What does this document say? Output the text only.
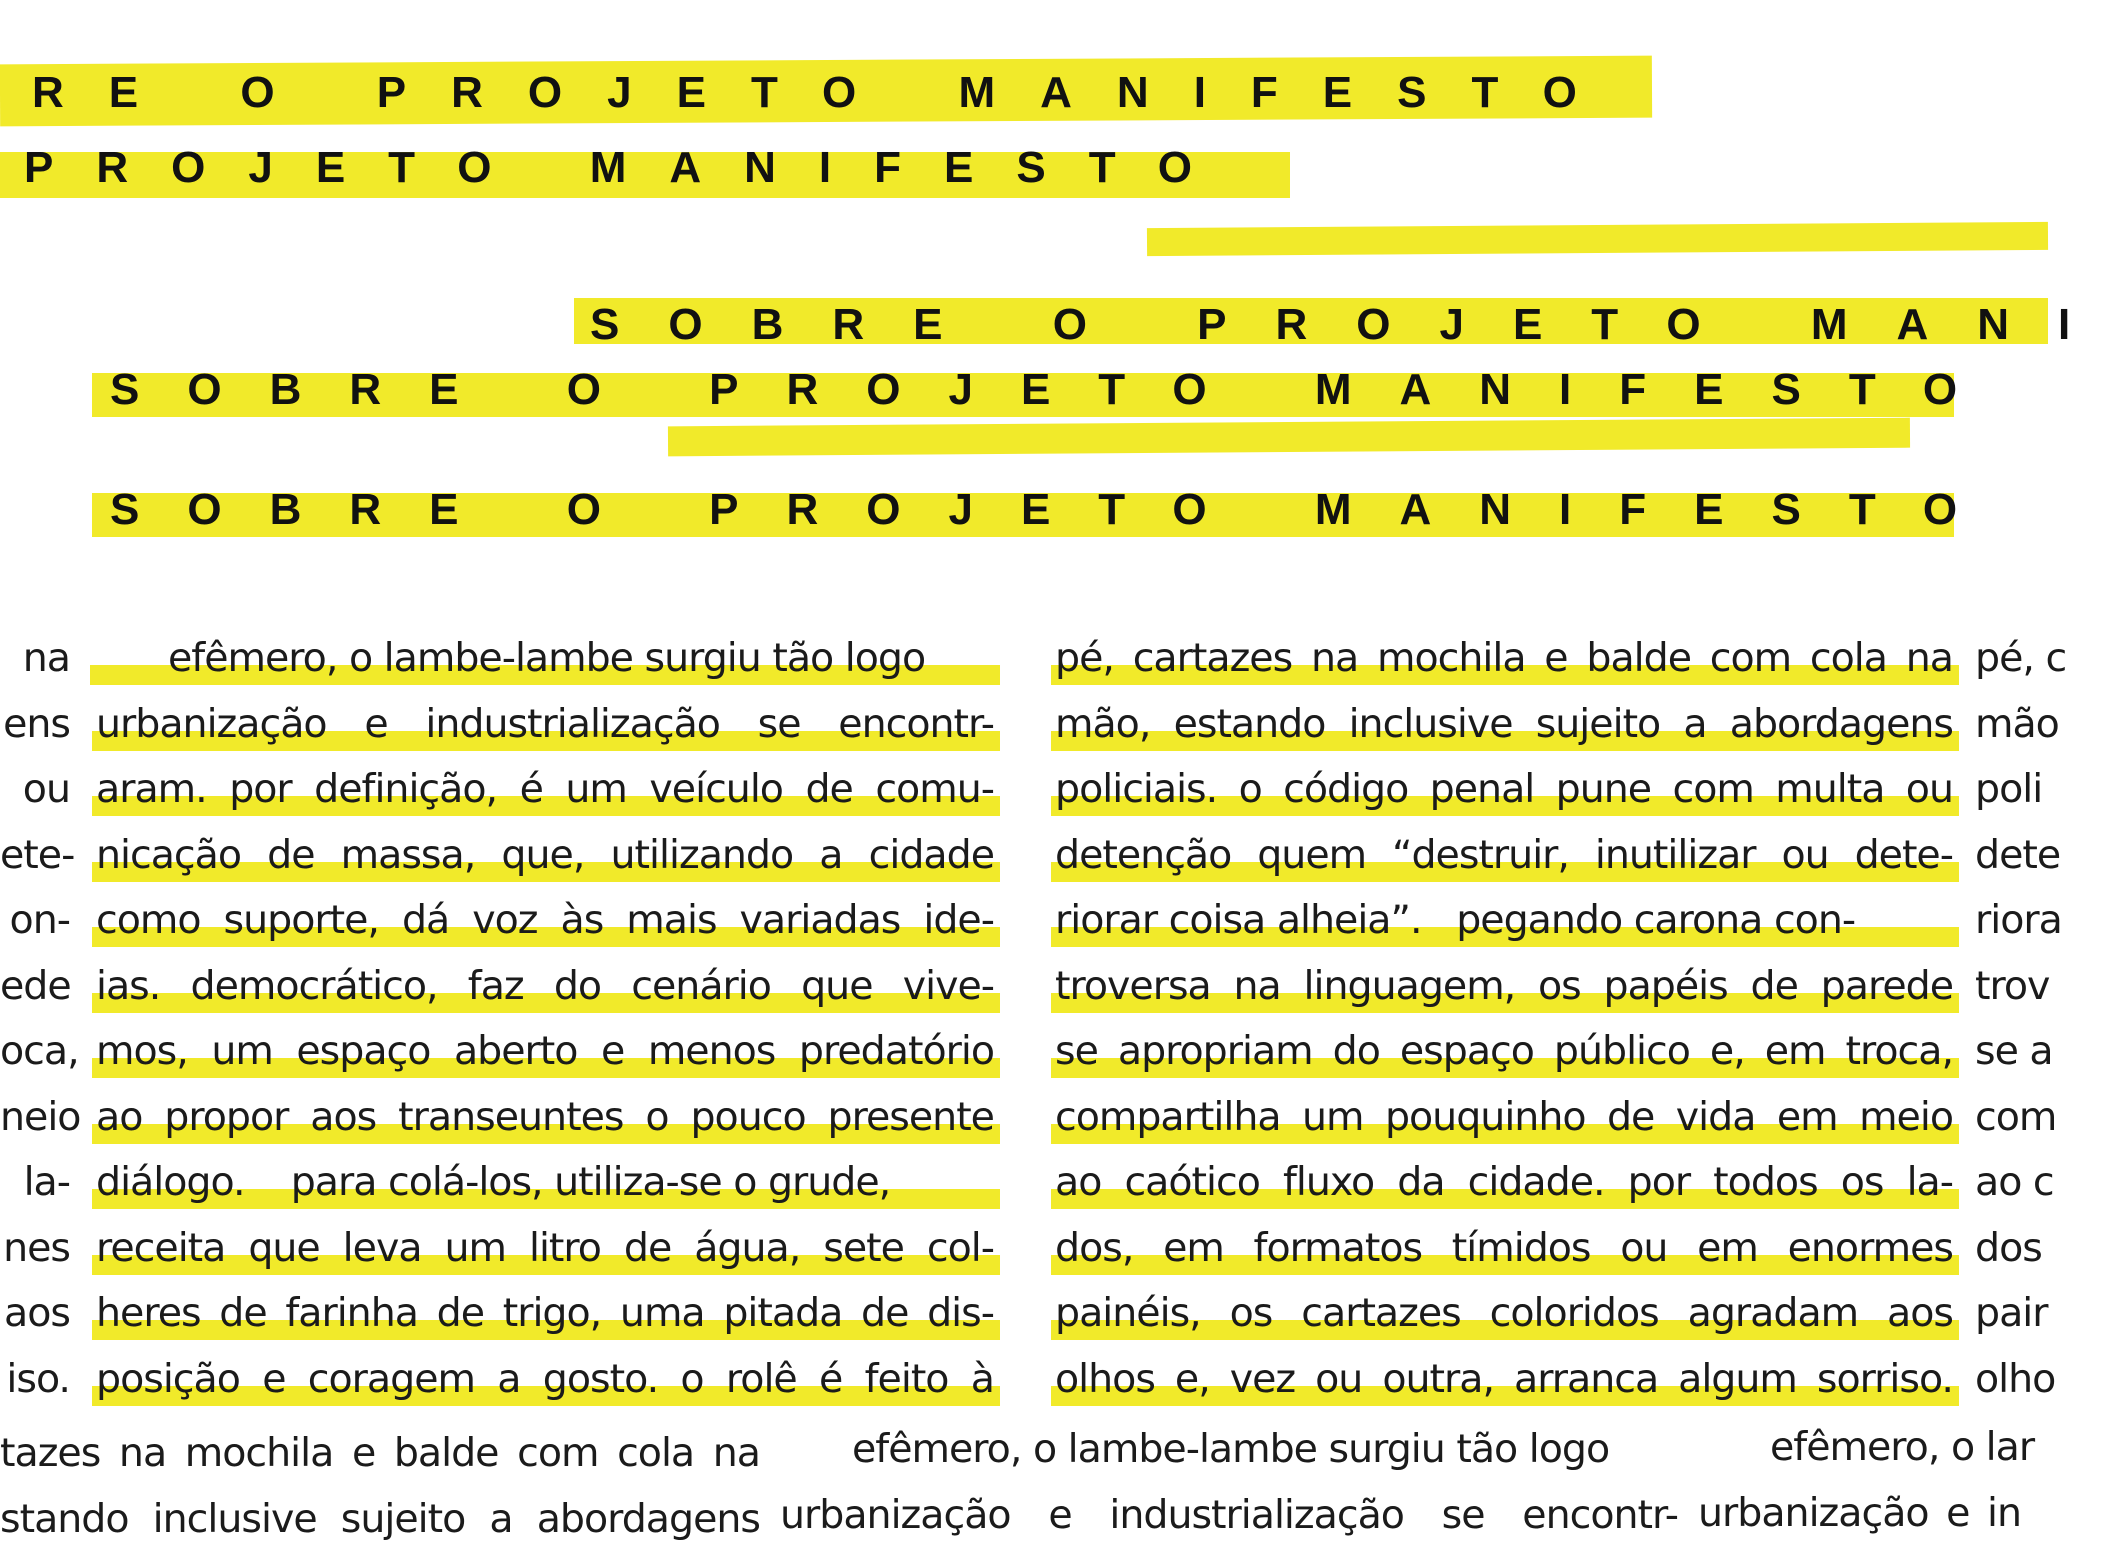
RE O PROJETO MANIFESTO
PROJETO MANIFESTO
SOBRE O PROJETO MANI
SOBRE O PROJETO MANIFESTO
SOBRE O PROJETO MANIFESTO
na
ens
ou
ete-
on-
ede
oca,
neio
la-
nes
aos
iso.
efêmero, o lambe-lambe surgiu tão logo
urbanização e industrialização se encontr-
aram. por definição, é um veículo de comu-
nicação de massa, que, utilizando a cidade
como suporte, dá voz às mais variadas ide-
ias. democrático, faz do cenário que vive-
mos, um espaço aberto e menos predatório
ao propor aos transeuntes o pouco presente
diálogo.    para colá-los, utiliza-se o grude,
receita que leva um litro de água, sete col-
heres de farinha de trigo, uma pitada de dis-
posição e coragem a gosto. o rolê é feito à
pé, cartazes na mochila e balde com cola na
mão, estando inclusive sujeito a abordagens
policiais. o código penal pune com multa ou
detenção quem “destruir, inutilizar ou dete-
riorar coisa alheia”.   pegando carona con-
troversa na linguagem, os papéis de parede
se apropriam do espaço público e, em troca,
compartilha um pouquinho de vida em meio
ao caótico fluxo da cidade. por todos os la-
dos, em formatos tímidos ou em enormes
painéis, os cartazes coloridos agradam aos
olhos e, vez ou outra, arranca algum sorriso.
pé, c
mão
poli
dete
riora
trov
se a
com
ao c
dos
pair
olho
tazes na mochila e balde com cola na
stando inclusive sujeito a abordagens
efêmero, o lambe-lambe surgiu tão logo
urbanização e industrialização se encontr-
efêmero, o lar
urbanização e in
